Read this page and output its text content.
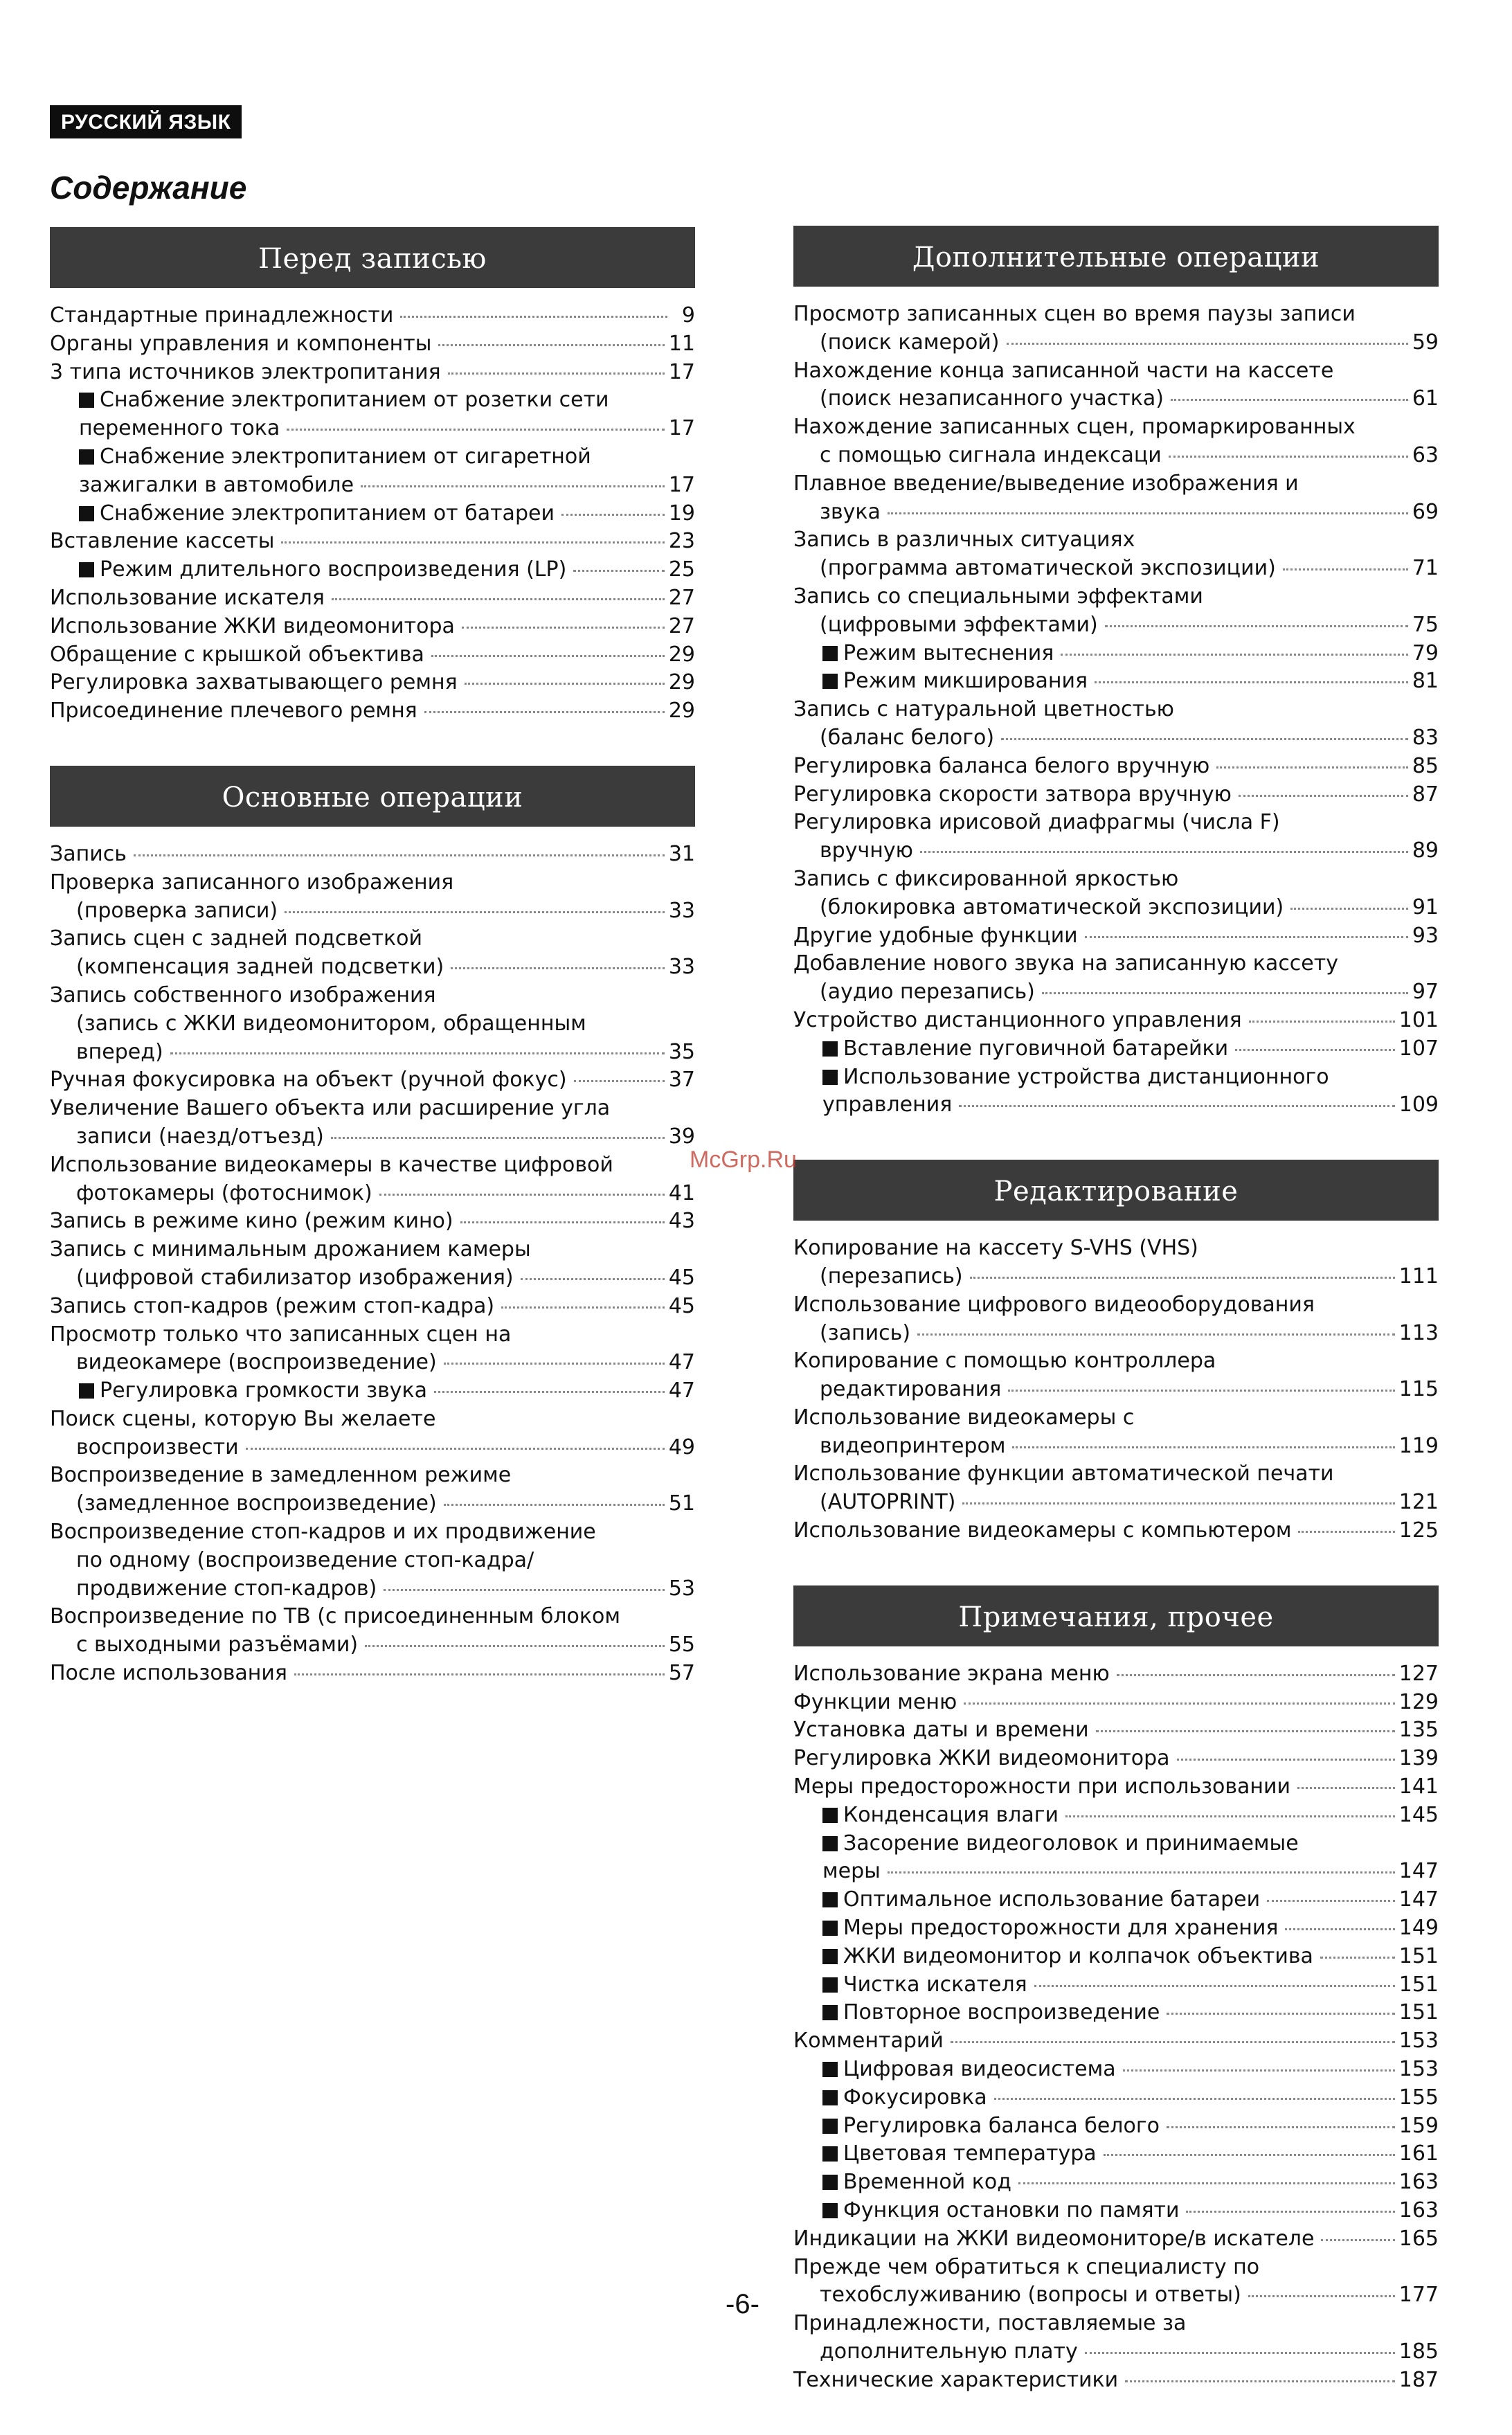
РУССКИЙ ЯЗЫК
Содержание
Перед записью
Стандартные принадлежности	9
Органы управления и компоненты	11
3 типа источников электропитания	17
Снабжение электропитанием от розетки сети
переменного тока	17
Снабжение электропитанием от сигаретной
зажигалки в автомобиле	17
Снабжение электропитанием от батареи	19
Вставление кассеты	23
Режим длительного воспроизведения (LP)	25
Использование искателя	27
Использование ЖКИ видеомонитора	27
Обращение с крышкой объектива	29
Регулировка захватывающего ремня	29
Присоединение плечевого ремня	29
Основные операции
Запись	31
Проверка записанного изображения
(проверка записи)	33
Запись сцен с задней подсветкой
(компенсация задней подсветки)	33
Запись собственного изображения
(запись с ЖКИ видеомонитором, обращенным
вперед)	35
Ручная фокусировка на объект (ручной фокус)	37
Увеличение Вашего объекта или расширение угла
записи (наезд/отъезд)	39
Использование видеокамеры в качестве цифровой
фотокамеры (фотоснимок)	41
Запись в режиме кино (режим кино)	43
Запись с минимальным дрожанием камеры
(цифровой стабилизатор изображения)	45
Запись стоп-кадров (режим стоп-кадра)	45
Просмотр только что записанных сцен на
видеокамере (воспроизведение)	47
Регулировка громкости звука	47
Поиск сцены, которую Вы желаете
воспроизвести	49
Воспроизведение в замедленном режиме
(замедленное воспроизведение)	51
Воспроизведение стоп-кадров и их продвижение
по одному (воспроизведение стоп-кадра/
продвижение стоп-кадров)	53
Воспроизведение по ТВ (с присоединенным блоком
с выходными разъёмами)	55
После использования	57
Дополнительные операции
Просмотр записанных сцен во время паузы записи
(поиск камерой)	59
Нахождение конца записанной части на кассете
(поиск незаписанного участка)	61
Нахождение записанных сцен, промаркированных
с помощью сигнала индексаци	63
Плавное введение/выведение изображения и
звука	69
Запись в различных ситуациях
(программа автоматической экспозиции)	71
Запись со специальными эффектами
(цифровыми эффектами)	75
Режим вытеснения	79
Режим микширования	81
Запись с натуральной цветностью
(баланс белого)	83
Регулировка баланса белого вручную	85
Регулировка скорости затвора вручную	87
Регулировка ирисовой диафрагмы (числа F)
вручную	89
Запись с фиксированной яркостью
(блокировка автоматической экспозиции)	91
Другие удобные функции	93
Добавление нового звука на записанную кассету
(аудио перезапись)	97
Устройство дистанционного управления	101
Вставление пуговичной батарейки	107
Использование устройства дистанционного
управления	109
Редактирование
Копирование на кассету S-VHS (VHS)
(перезапись)	111
Использование цифрового видеооборудования
(запись)	113
Копирование с помощью контроллера
редактирования	115
Использование видеокамеры с
видеопринтером	119
Использование функции автоматической печати
(AUTOPRINT)	121
Использование видеокамеры с компьютером	125
Примечания, прочее
Использование экрана меню	127
Функции меню	129
Установка даты и времени	135
Регулировка ЖКИ видеомонитора	139
Меры предосторожности при использовании	141
Конденсация влаги	145
Засорение видеоголовок и принимаемые
меры	147
Оптимальное использование батареи	147
Меры предосторожности для хранения	149
ЖКИ видеомонитор и колпачок объектива	151
Чистка искателя	151
Повторное воспроизведение	151
Комментарий	153
Цифровая видеосистема	153
Фокусировка	155
Регулировка баланса белого	159
Цветовая температура	161
Временной код	163
Функция остановки по памяти	163
Индикации на ЖКИ видеомониторе/в искателе	165
Прежде чем обратиться к специалисту по
техобслуживанию (вопросы и ответы)	177
Принадлежности, поставляемые за
дополнительную плату	185
Технические характеристики	187
McGrp.Ru
-6-
